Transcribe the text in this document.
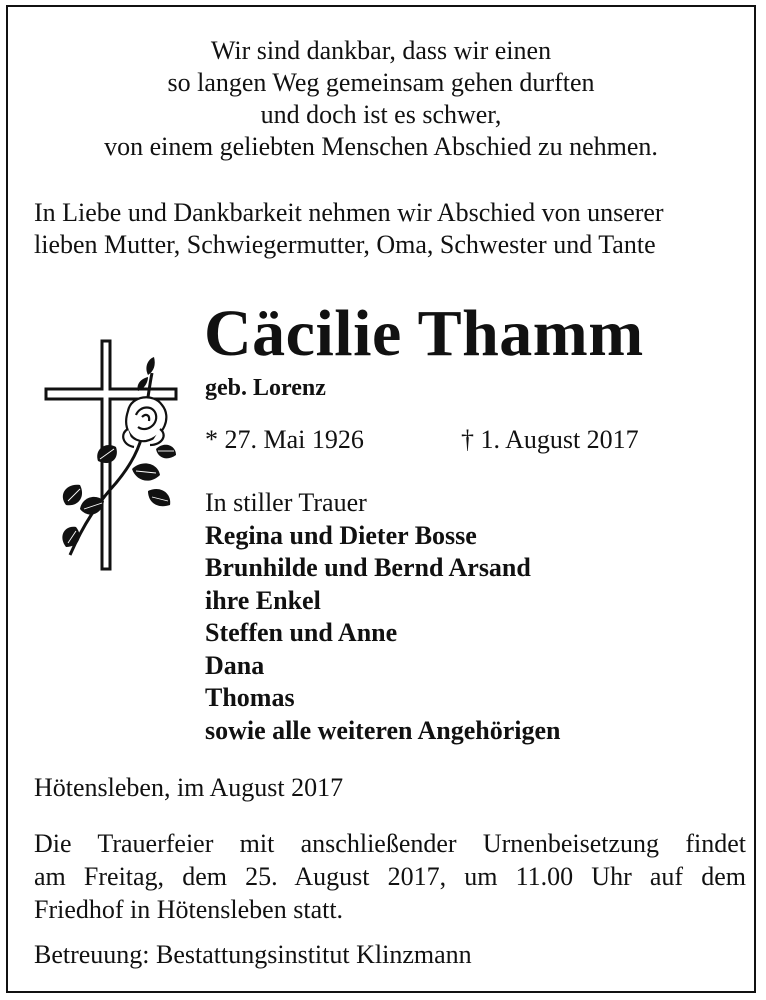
Wir sind dankbar, dass wir einen
so langen Weg gemeinsam gehen durften
und doch ist es schwer,
von einem geliebten Menschen Abschied zu nehmen.
In Liebe und Dankbarkeit nehmen wir Abschied von unserer
lieben Mutter, Schwiegermutter, Oma, Schwester und Tante
Cäcilie Thamm
geb. Lorenz
* 27. Mai 1926	† 1. August 2017
In stiller Trauer
Regina und Dieter Bosse
Brunhilde und Bernd Arsand
ihre Enkel
Steffen und Anne
Dana
Thomas
sowie alle weiteren Angehörigen
Hötensleben, im August 2017
Die Trauerfeier mit anschließender Urnenbeisetzung findet
am Freitag, dem 25. August 2017, um 11.00 Uhr auf dem
Friedhof in Hötensleben statt.
Betreuung: Bestattungsinstitut Klinzmann
